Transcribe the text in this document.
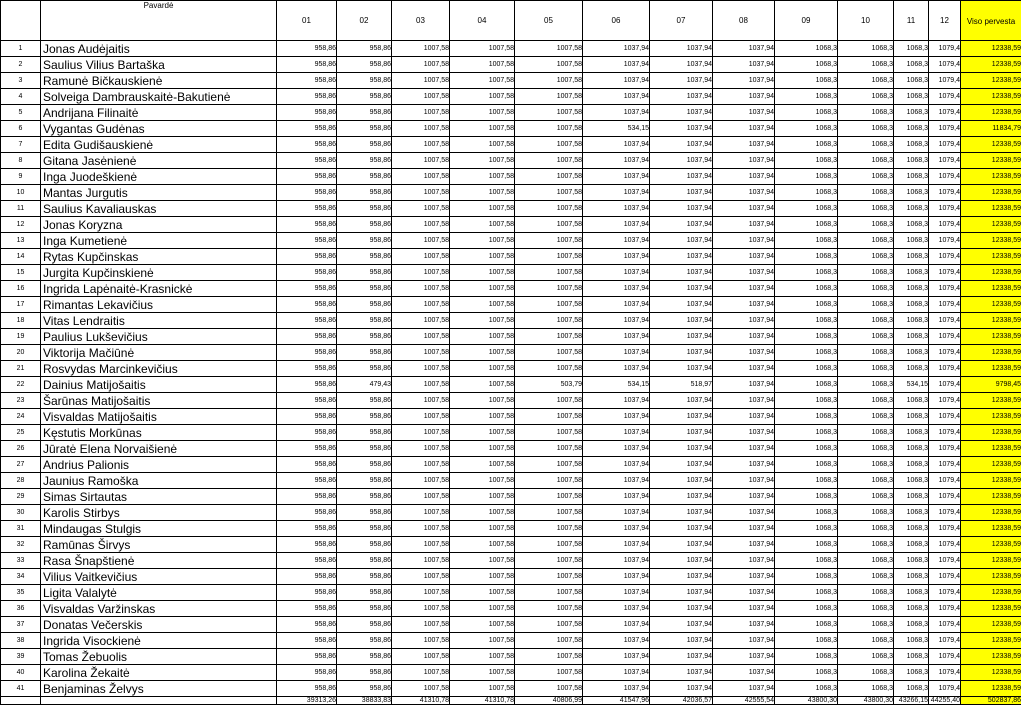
	Pavardė	01	02	03	04	05	06	07	08	09	10	11	12	Viso pervesta
1	Jonas Audėjaitis	958,86	958,86	1007,58	1007,58	1007,58	1037,94	1037,94	1037,94	1068,3	1068,3	1068,3	1079,4	12338,59
2	Saulius Vilius Bartaška	958,86	958,86	1007,58	1007,58	1007,58	1037,94	1037,94	1037,94	1068,3	1068,3	1068,3	1079,4	12338,59
3	Ramunė Bičkauskienė	958,86	958,86	1007,58	1007,58	1007,58	1037,94	1037,94	1037,94	1068,3	1068,3	1068,3	1079,4	12338,59
4	Solveiga Dambrauskaitė-Bakutienė	958,86	958,86	1007,58	1007,58	1007,58	1037,94	1037,94	1037,94	1068,3	1068,3	1068,3	1079,4	12338,59
5	Andrijana Filinaitė	958,86	958,86	1007,58	1007,58	1007,58	1037,94	1037,94	1037,94	1068,3	1068,3	1068,3	1079,4	12338,59
6	Vygantas Gudėnas	958,86	958,86	1007,58	1007,58	1007,58	534,15	1037,94	1037,94	1068,3	1068,3	1068,3	1079,4	11834,79
7	Edita Gudišauskienė	958,86	958,86	1007,58	1007,58	1007,58	1037,94	1037,94	1037,94	1068,3	1068,3	1068,3	1079,4	12338,59
8	Gitana Jasėnienė	958,86	958,86	1007,58	1007,58	1007,58	1037,94	1037,94	1037,94	1068,3	1068,3	1068,3	1079,4	12338,59
9	Inga Juodeškienė	958,86	958,86	1007,58	1007,58	1007,58	1037,94	1037,94	1037,94	1068,3	1068,3	1068,3	1079,4	12338,59
10	Mantas Jurgutis	958,86	958,86	1007,58	1007,58	1007,58	1037,94	1037,94	1037,94	1068,3	1068,3	1068,3	1079,4	12338,59
11	Saulius Kavaliauskas	958,86	958,86	1007,58	1007,58	1007,58	1037,94	1037,94	1037,94	1068,3	1068,3	1068,3	1079,4	12338,59
12	Jonas Koryzna	958,86	958,86	1007,58	1007,58	1007,58	1037,94	1037,94	1037,94	1068,3	1068,3	1068,3	1079,4	12338,59
13	Inga Kumetienė	958,86	958,86	1007,58	1007,58	1007,58	1037,94	1037,94	1037,94	1068,3	1068,3	1068,3	1079,4	12338,59
14	Rytas Kupčinskas	958,86	958,86	1007,58	1007,58	1007,58	1037,94	1037,94	1037,94	1068,3	1068,3	1068,3	1079,4	12338,59
15	Jurgita Kupčinskienė	958,86	958,86	1007,58	1007,58	1007,58	1037,94	1037,94	1037,94	1068,3	1068,3	1068,3	1079,4	12338,59
16	Ingrida Lapėnaitė-Krasnickė	958,86	958,86	1007,58	1007,58	1007,58	1037,94	1037,94	1037,94	1068,3	1068,3	1068,3	1079,4	12338,59
17	Rimantas Lekavičius	958,86	958,86	1007,58	1007,58	1007,58	1037,94	1037,94	1037,94	1068,3	1068,3	1068,3	1079,4	12338,59
18	Vitas Lendraitis	958,86	958,86	1007,58	1007,58	1007,58	1037,94	1037,94	1037,94	1068,3	1068,3	1068,3	1079,4	12338,59
19	Paulius Lukševičius	958,86	958,86	1007,58	1007,58	1007,58	1037,94	1037,94	1037,94	1068,3	1068,3	1068,3	1079,4	12338,59
20	Viktorija Mačiūnė	958,86	958,86	1007,58	1007,58	1007,58	1037,94	1037,94	1037,94	1068,3	1068,3	1068,3	1079,4	12338,59
21	Rosvydas Marcinkevičius	958,86	958,86	1007,58	1007,58	1007,58	1037,94	1037,94	1037,94	1068,3	1068,3	1068,3	1079,4	12338,59
22	Dainius Matijošaitis	958,86	479,43	1007,58	1007,58	503,79	534,15	518,97	1037,94	1068,3	1068,3	534,15	1079,4	9798,45
23	Šarūnas Matijošaitis	958,86	958,86	1007,58	1007,58	1007,58	1037,94	1037,94	1037,94	1068,3	1068,3	1068,3	1079,4	12338,59
24	Visvaldas Matijošaitis	958,86	958,86	1007,58	1007,58	1007,58	1037,94	1037,94	1037,94	1068,3	1068,3	1068,3	1079,4	12338,59
25	Kęstutis Morkūnas	958,86	958,86	1007,58	1007,58	1007,58	1037,94	1037,94	1037,94	1068,3	1068,3	1068,3	1079,4	12338,59
26	Jūratė Elena Norvaišienė	958,86	958,86	1007,58	1007,58	1007,58	1037,94	1037,94	1037,94	1068,3	1068,3	1068,3	1079,4	12338,59
27	Andrius Palionis	958,86	958,86	1007,58	1007,58	1007,58	1037,94	1037,94	1037,94	1068,3	1068,3	1068,3	1079,4	12338,59
28	Jaunius Ramoška	958,86	958,86	1007,58	1007,58	1007,58	1037,94	1037,94	1037,94	1068,3	1068,3	1068,3	1079,4	12338,59
29	Simas Sirtautas	958,86	958,86	1007,58	1007,58	1007,58	1037,94	1037,94	1037,94	1068,3	1068,3	1068,3	1079,4	12338,59
30	Karolis Stirbys	958,86	958,86	1007,58	1007,58	1007,58	1037,94	1037,94	1037,94	1068,3	1068,3	1068,3	1079,4	12338,59
31	Mindaugas Stulgis	958,86	958,86	1007,58	1007,58	1007,58	1037,94	1037,94	1037,94	1068,3	1068,3	1068,3	1079,4	12338,59
32	Ramūnas Širvys	958,86	958,86	1007,58	1007,58	1007,58	1037,94	1037,94	1037,94	1068,3	1068,3	1068,3	1079,4	12338,59
33	Rasa Šnapštienė	958,86	958,86	1007,58	1007,58	1007,58	1037,94	1037,94	1037,94	1068,3	1068,3	1068,3	1079,4	12338,59
34	Vilius Vaitkevičius	958,86	958,86	1007,58	1007,58	1007,58	1037,94	1037,94	1037,94	1068,3	1068,3	1068,3	1079,4	12338,59
35	Ligita Valalytė	958,86	958,86	1007,58	1007,58	1007,58	1037,94	1037,94	1037,94	1068,3	1068,3	1068,3	1079,4	12338,59
36	Visvaldas Varžinskas	958,86	958,86	1007,58	1007,58	1007,58	1037,94	1037,94	1037,94	1068,3	1068,3	1068,3	1079,4	12338,59
37	Donatas Večerskis	958,86	958,86	1007,58	1007,58	1007,58	1037,94	1037,94	1037,94	1068,3	1068,3	1068,3	1079,4	12338,59
38	Ingrida Visockienė	958,86	958,86	1007,58	1007,58	1007,58	1037,94	1037,94	1037,94	1068,3	1068,3	1068,3	1079,4	12338,59
39	Tomas Žebuolis	958,86	958,86	1007,58	1007,58	1007,58	1037,94	1037,94	1037,94	1068,3	1068,3	1068,3	1079,4	12338,59
40	Karolina Žekaitė	958,86	958,86	1007,58	1007,58	1007,58	1037,94	1037,94	1037,94	1068,3	1068,3	1068,3	1079,4	12338,59
41	Benjaminas Želvys	958,86	958,86	1007,58	1007,58	1007,58	1037,94	1037,94	1037,94	1068,3	1068,3	1068,3	1079,4	12338,59
		39313,26	38833,83	41310,78	41310,78	40806,99	41547,96	42036,57	42555,54	43800,30	43800,30	43266,15	44255,40	502837,86
